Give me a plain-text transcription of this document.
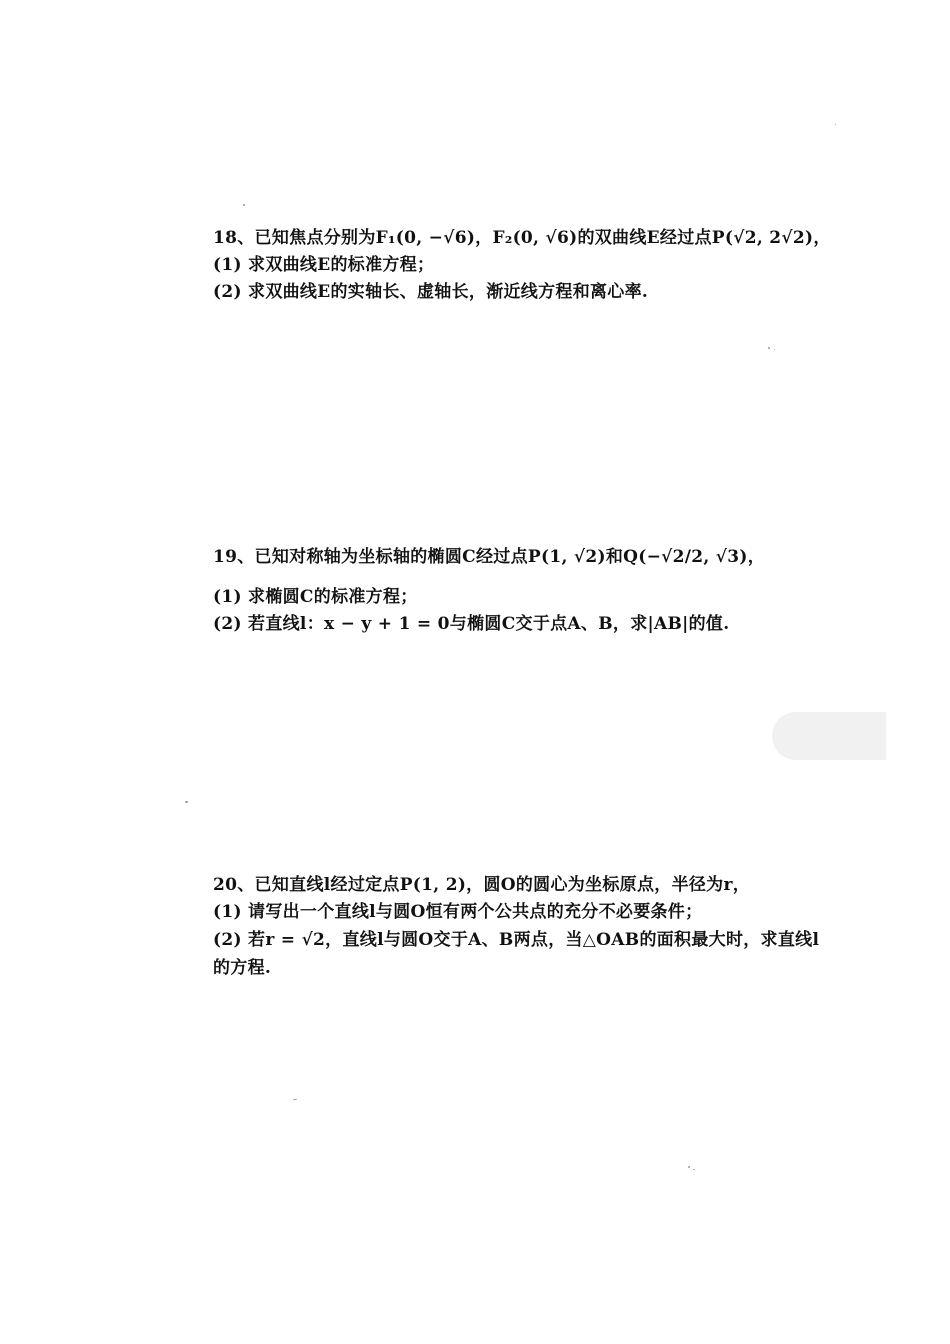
18、已知焦点分别为F₁(0, −√6)，F₂(0, √6)的双曲线E经过点P(√2, 2√2)，
(1) 求双曲线E的标准方程；
(2) 求双曲线E的实轴长、虚轴长，渐近线方程和离心率.
19、已知对称轴为坐标轴的椭圆C经过点P(1, √2)和Q(−√2/2, √3)，
(1) 求椭圆C的标准方程；
(2) 若直线l：x − y + 1 = 0与椭圆C交于点A、B，求|AB|的值.
20、已知直线l经过定点P(1, 2)，圆O的圆心为坐标原点，半径为r，
(1) 请写出一个直线l与圆O恒有两个公共点的充分不必要条件；
(2) 若r = √2，直线l与圆O交于A、B两点，当△OAB的面积最大时，求直线l的方程.
